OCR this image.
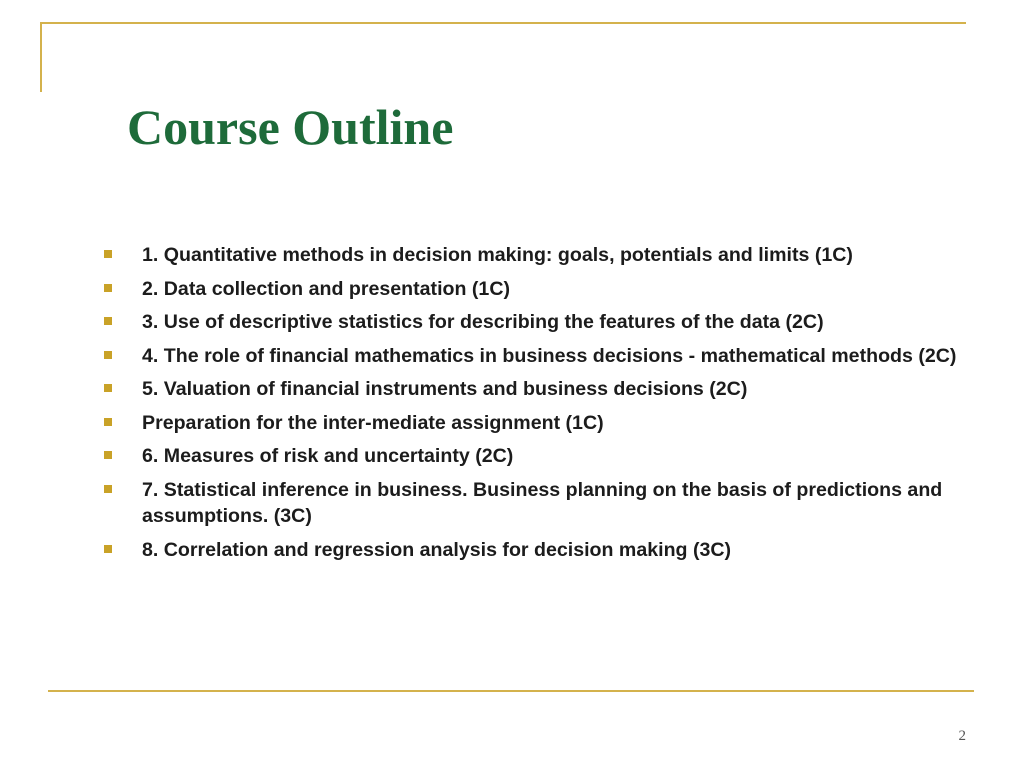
Course Outline
1. Quantitative methods in decision making: goals, potentials and limits (1C)
2. Data collection and presentation (1C)
3. Use of descriptive statistics for describing the features of the data (2C)
4. The role of financial mathematics in business decisions - mathematical methods (2C)
5. Valuation of financial instruments and business decisions (2C)
Preparation for the inter-mediate assignment (1C)
6. Measures of risk and uncertainty (2C)
7. Statistical inference in business. Business planning on the basis of predictions and assumptions. (3C)
8. Correlation and regression analysis for decision making (3C)
2
